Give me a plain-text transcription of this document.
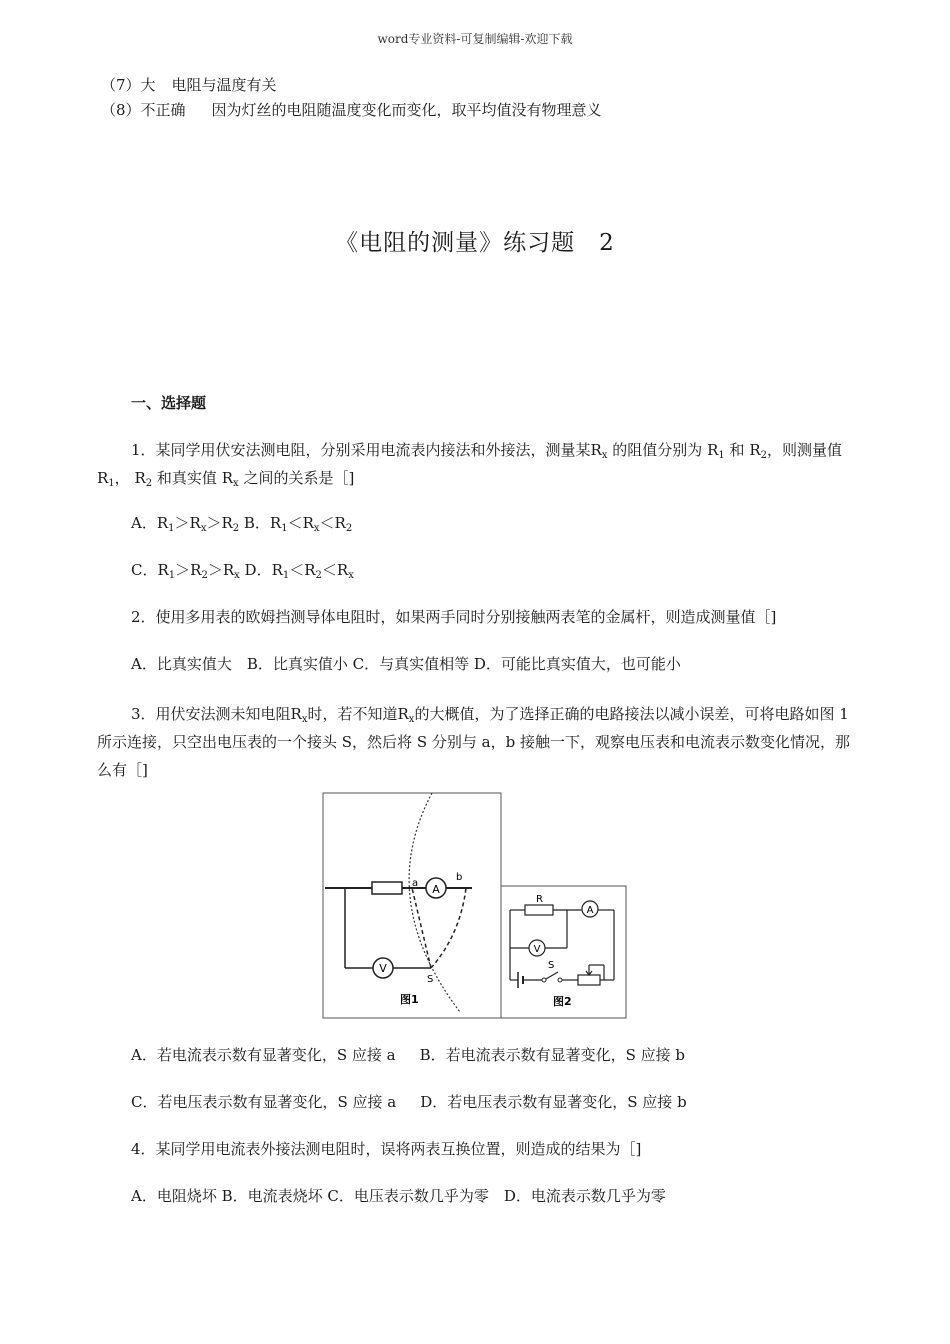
word专业资料-可复制编辑-欢迎下载
（7）大 电阻与温度有关
（8）不正确 因为灯丝的电阻随温度变化而变化，取平均值没有物理意义
《电阻的测量》练习题　2
一、选择题
1．某同学用伏安法测电阻，分别采用电流表内接法和外接法，测量某$R_x$ 的阻值分别为 $R_1$ 和 $R_2$，则测量值 $R_1$， $R_2$ 和真实值 $R_x$ 之间的关系是［]
A．$R_1>R_x>R_2$ B．$R_1<R_x<R_2$
C．$R_1>R_2>R_x$ D．$R_1<R_2<R_x$
2．使用多用表的欧姆挡测导体电阻时，如果两手同时分别接触两表笔的金属杆，则造成测量值［]
A．比真实值大　B．比真实值小 C．与真实值相等 D．可能比真实值大，也可能小
3．用伏安法测未知电阻$R_x$时，若不知道$R_x$的大概值，为了选择正确的电路接法以减小误差，可将电路如图 1 所示连接，只空出电压表的一个接头 S，然后将 S 分别与 a，b 接触一下，观察电压表和电流表示数变化情况，那么有［]
A
a
b
V
S
图1
R
A
V
S
图2
A．若电流表示数有显著变化，S 应接 a B．若电流表示数有显著变化，S 应接 b
C．若电压表示数有显著变化，S 应接 a D．若电压表示数有显著变化，S 应接 b
4．某同学用电流表外接法测电阻时，误将两表互换位置，则造成的结果为［]
A．电阻烧坏 B．电流表烧坏 C．电压表示数几乎为零　D．电流表示数几乎为零
